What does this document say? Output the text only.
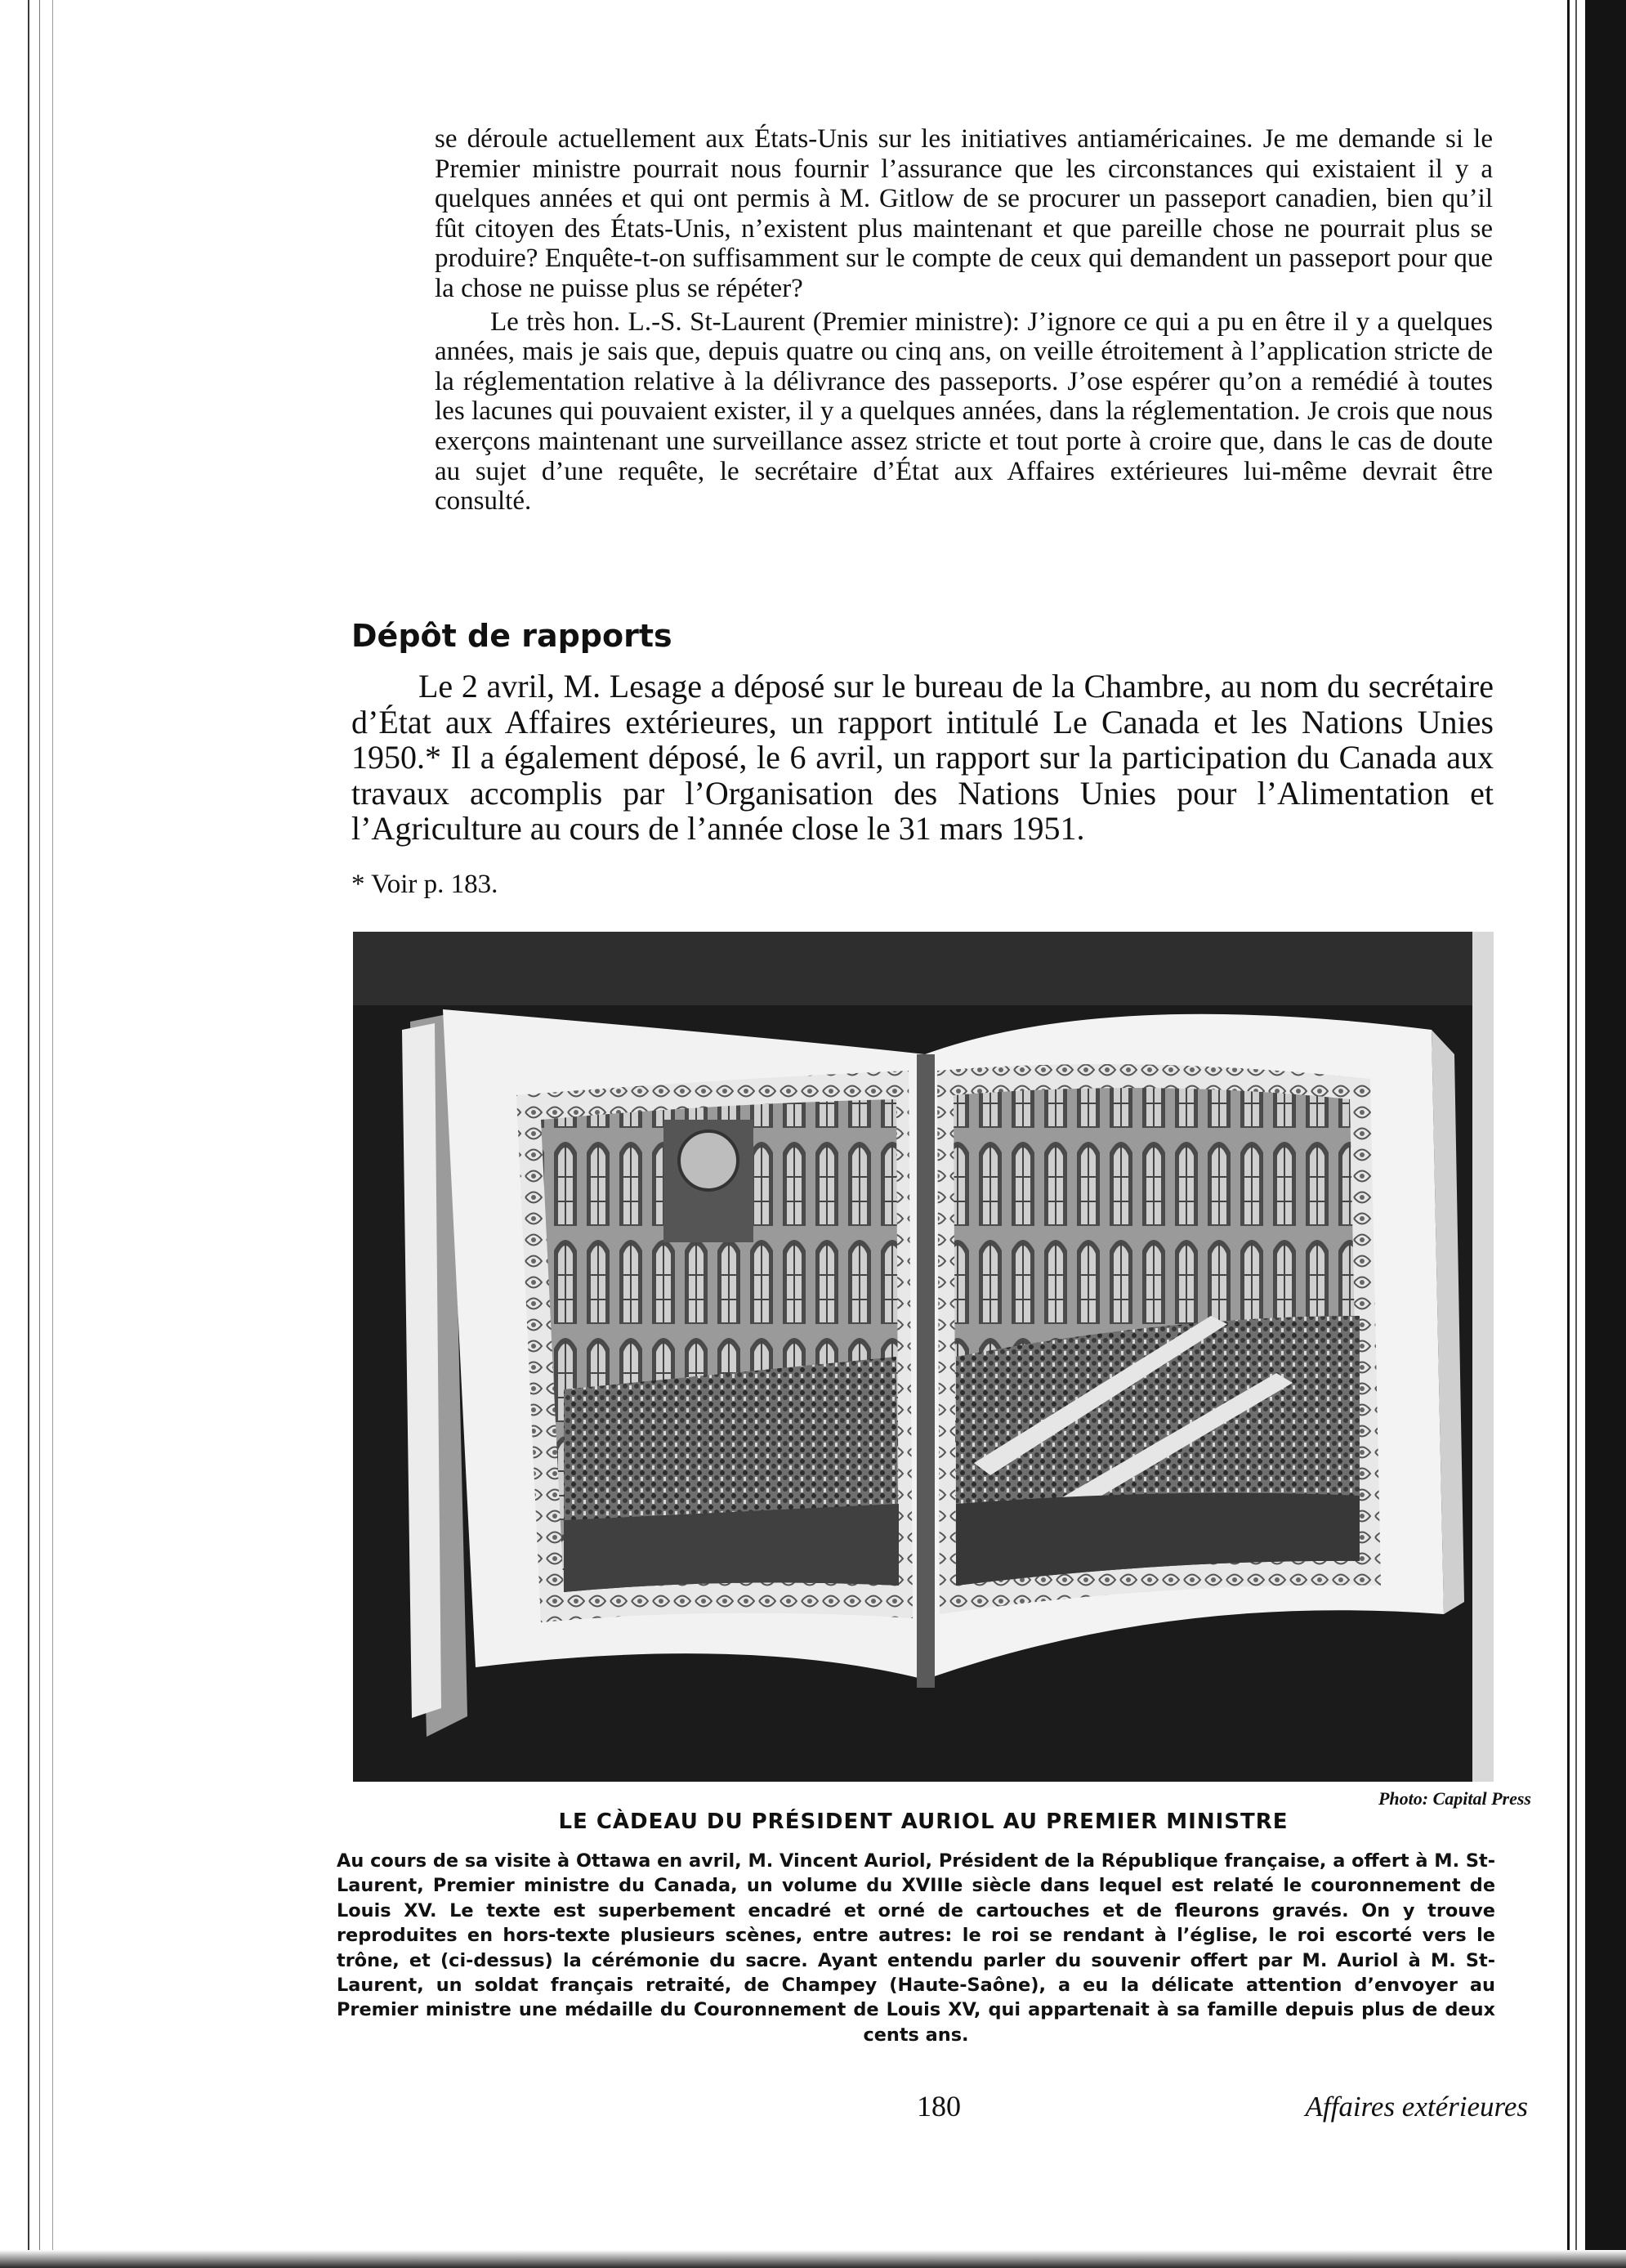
se déroule actuellement aux États-Unis sur les initiatives antiaméricaines. Je me demande si le Premier ministre pourrait nous fournir l’assurance que les circonstances qui existaient il y a quelques années et qui ont permis à M. Gitlow de se procurer un passeport canadien, bien qu’il fût citoyen des États-Unis, n’existent plus maintenant et que pareille chose ne pourrait plus se produire? Enquête-t-on suffisamment sur le compte de ceux qui demandent un passeport pour que la chose ne puisse plus se répéter?

Le très hon. L.-S. St-Laurent (Premier ministre): J’ignore ce qui a pu en être il y a quelques années, mais je sais que, depuis quatre ou cinq ans, on veille étroitement à l’application stricte de la réglementation relative à la délivrance des passeports. J’ose espérer qu’on a remédié à toutes les lacunes qui pouvaient exister, il y a quelques années, dans la réglementation. Je crois que nous exerçons maintenant une surveillance assez stricte et tout porte à croire que, dans le cas de doute au sujet d’une requête, le secrétaire d’État aux Affaires extérieures lui-même devrait être consulté.

Dépôt de rapports

Le 2 avril, M. Lesage a déposé sur le bureau de la Chambre, au nom du secrétaire d’État aux Affaires extérieures, un rapport intitulé Le Canada et les Nations Unies 1950.* Il a également déposé, le 6 avril, un rapport sur la participation du Canada aux travaux accomplis par l’Organisation des Nations Unies pour l’Alimentation et l’Agriculture au cours de l’année close le 31 mars 1951.

* Voir p. 183.

Photo: Capital Press

LE CÀDEAU DU PRÉSIDENT AURIOL AU PREMIER MINISTRE

Au cours de sa visite à Ottawa en avril, M. Vincent Auriol, Président de la République française, a offert à M. St-Laurent, Premier ministre du Canada, un volume du XVIIIe siècle dans lequel est relaté le couronnement de Louis XV. Le texte est superbement encadré et orné de cartouches et de fleurons gravés. On y trouve reproduites en hors-texte plusieurs scènes, entre autres: le roi se rendant à l’église, le roi escorté vers le trône, et (ci-dessus) la cérémonie du sacre. Ayant entendu parler du souvenir offert par M. Auriol à M. St-Laurent, un soldat français retraité, de Champey (Haute-Saône), a eu la délicate attention d’envoyer au Premier ministre une médaille du Couronnement de Louis XV, qui appartenait à sa famille depuis plus de deux cents ans.

180	Affaires extérieures
